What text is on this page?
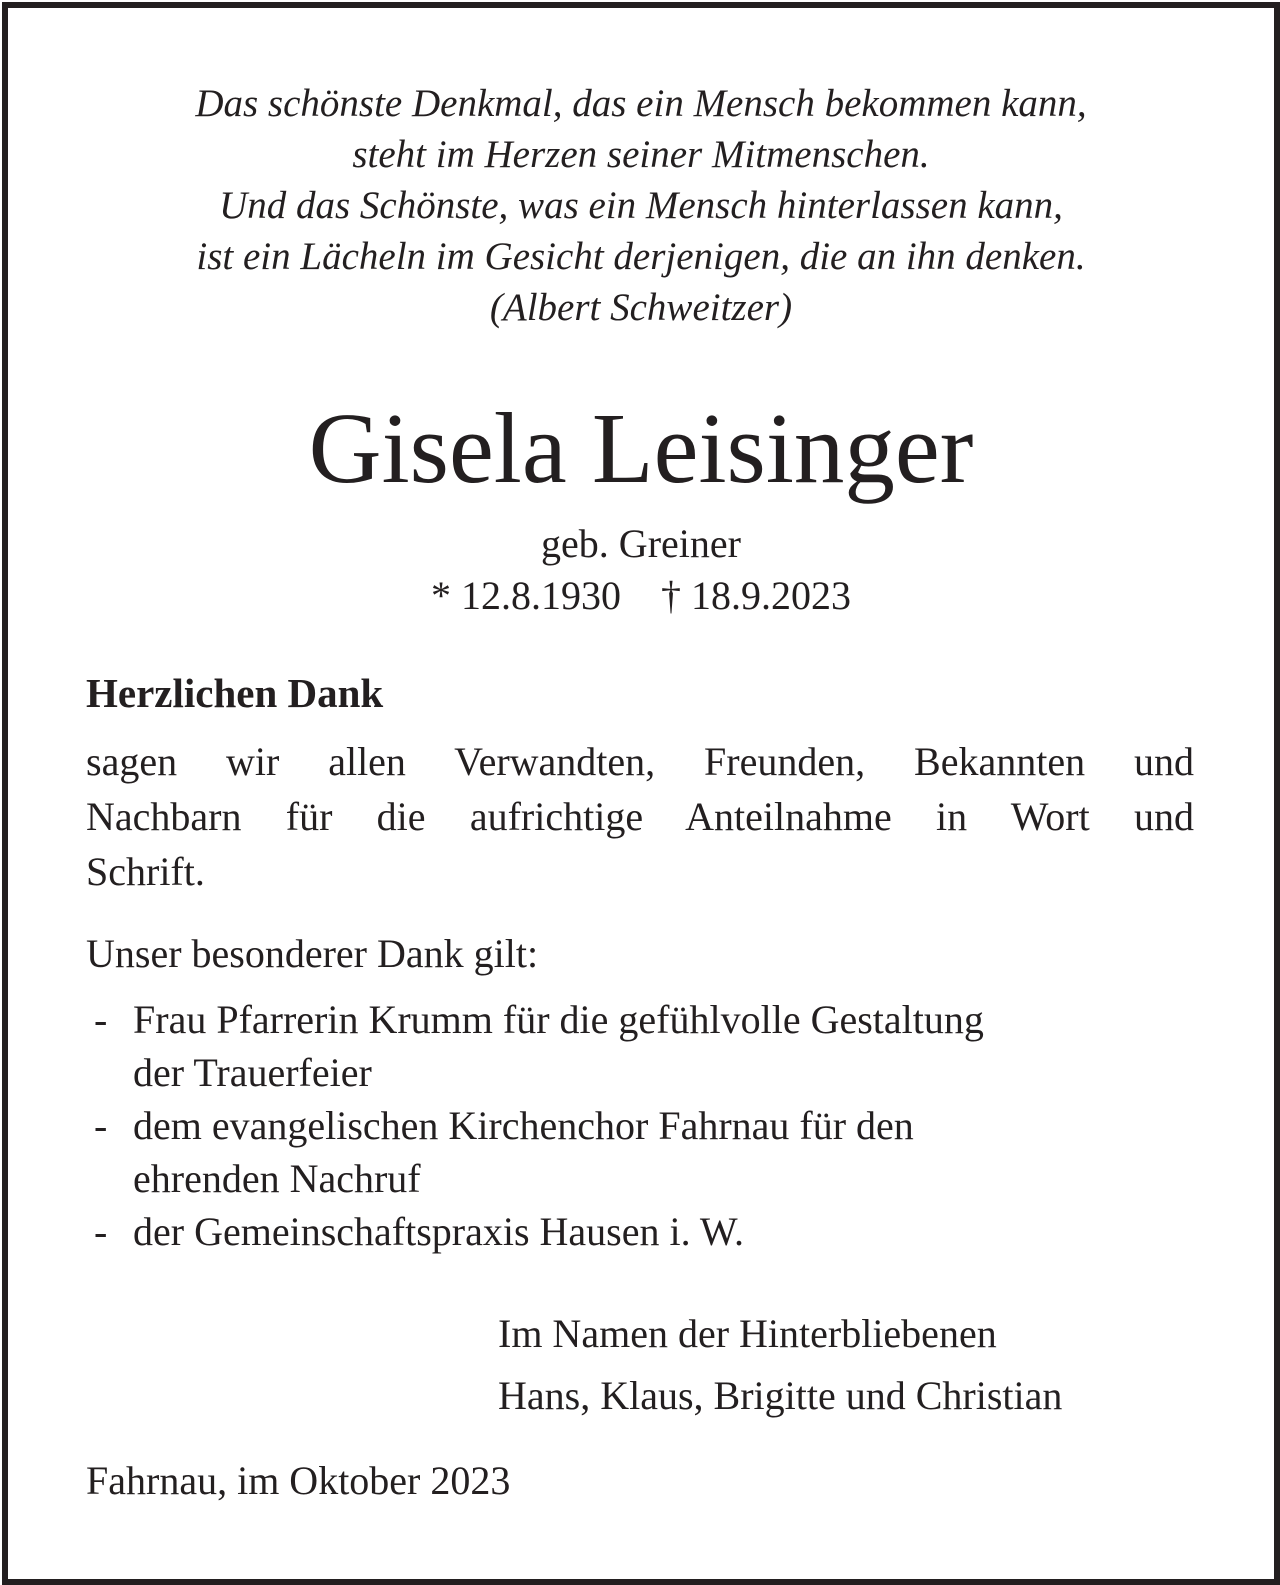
Das schönste Denkmal, das ein Mensch bekommen kann,
steht im Herzen seiner Mitmenschen.
Und das Schönste, was ein Mensch hinterlassen kann,
ist ein Lächeln im Gesicht derjenigen, die an ihn denken.
(Albert Schweitzer)
Gisela Leisinger
geb. Greiner
* 12.8.1930    † 18.9.2023
Herzlichen Dank
sagen wir allen Verwandten, Freunden, Bekannten und
Nachbarn für die aufrichtige Anteilnahme in Wort und
Schrift.
Unser besonderer Dank gilt:
- Frau Pfarrerin Krumm für die gefühlvolle Gestaltung
der Trauerfeier
- dem evangelischen Kirchenchor Fahrnau für den
ehrenden Nachruf
- der Gemeinschaftspraxis Hausen i. W.
Im Namen der Hinterbliebenen
Hans, Klaus, Brigitte und Christian
Fahrnau, im Oktober 2023
